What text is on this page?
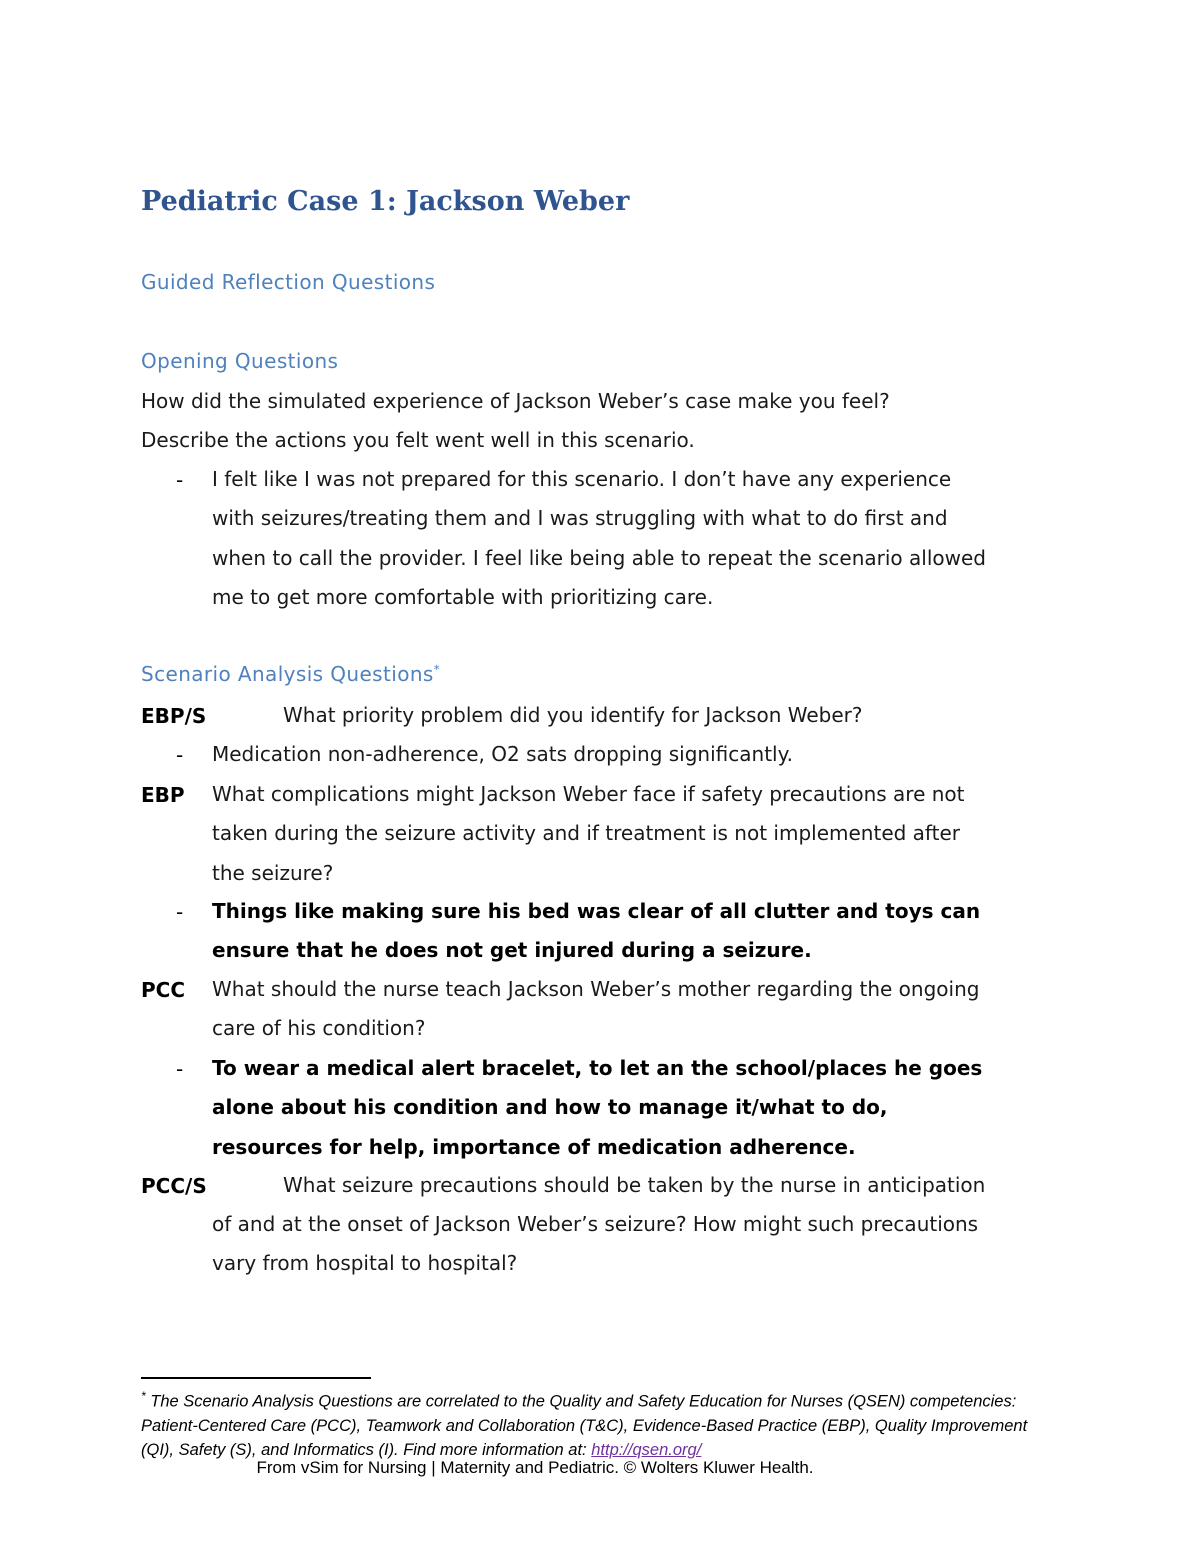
Pediatric Case 1: Jackson Weber
Guided Reflection Questions
Opening Questions
How did the simulated experience of Jackson Weber’s case make you feel?
Describe the actions you felt went well in this scenario.
- I felt like I was not prepared for this scenario. I don’t have any experience
with seizures/treating them and I was struggling with what to do first and
when to call the provider. I feel like being able to repeat the scenario allowed
me to get more comfortable with prioritizing care.
Scenario Analysis Questions*
EBP/S	What priority problem did you identify for Jackson Weber?
- Medication non-adherence, O2 sats dropping significantly.
EBP What complications might Jackson Weber face if safety precautions are not
taken during the seizure activity and if treatment is not implemented after
the seizure?
- Things like making sure his bed was clear of all clutter and toys can
ensure that he does not get injured during a seizure.
PCC What should the nurse teach Jackson Weber’s mother regarding the ongoing
care of his condition?
- To wear a medical alert bracelet, to let an the school/places he goes
alone about his condition and how to manage it/what to do,
resources for help, importance of medication adherence.
PCC/S	What seizure precautions should be taken by the nurse in anticipation
of and at the onset of Jackson Weber’s seizure? How might such precautions
vary from hospital to hospital?
* The Scenario Analysis Questions are correlated to the Quality and Safety Education for Nurses (QSEN) competencies: Patient-Centered Care (PCC), Teamwork and Collaboration (T&C), Evidence-Based Practice (EBP), Quality Improvement (QI), Safety (S), and Informatics (I). Find more information at: http://qsen.org/
From vSim for Nursing | Maternity and Pediatric. © Wolters Kluwer Health.
